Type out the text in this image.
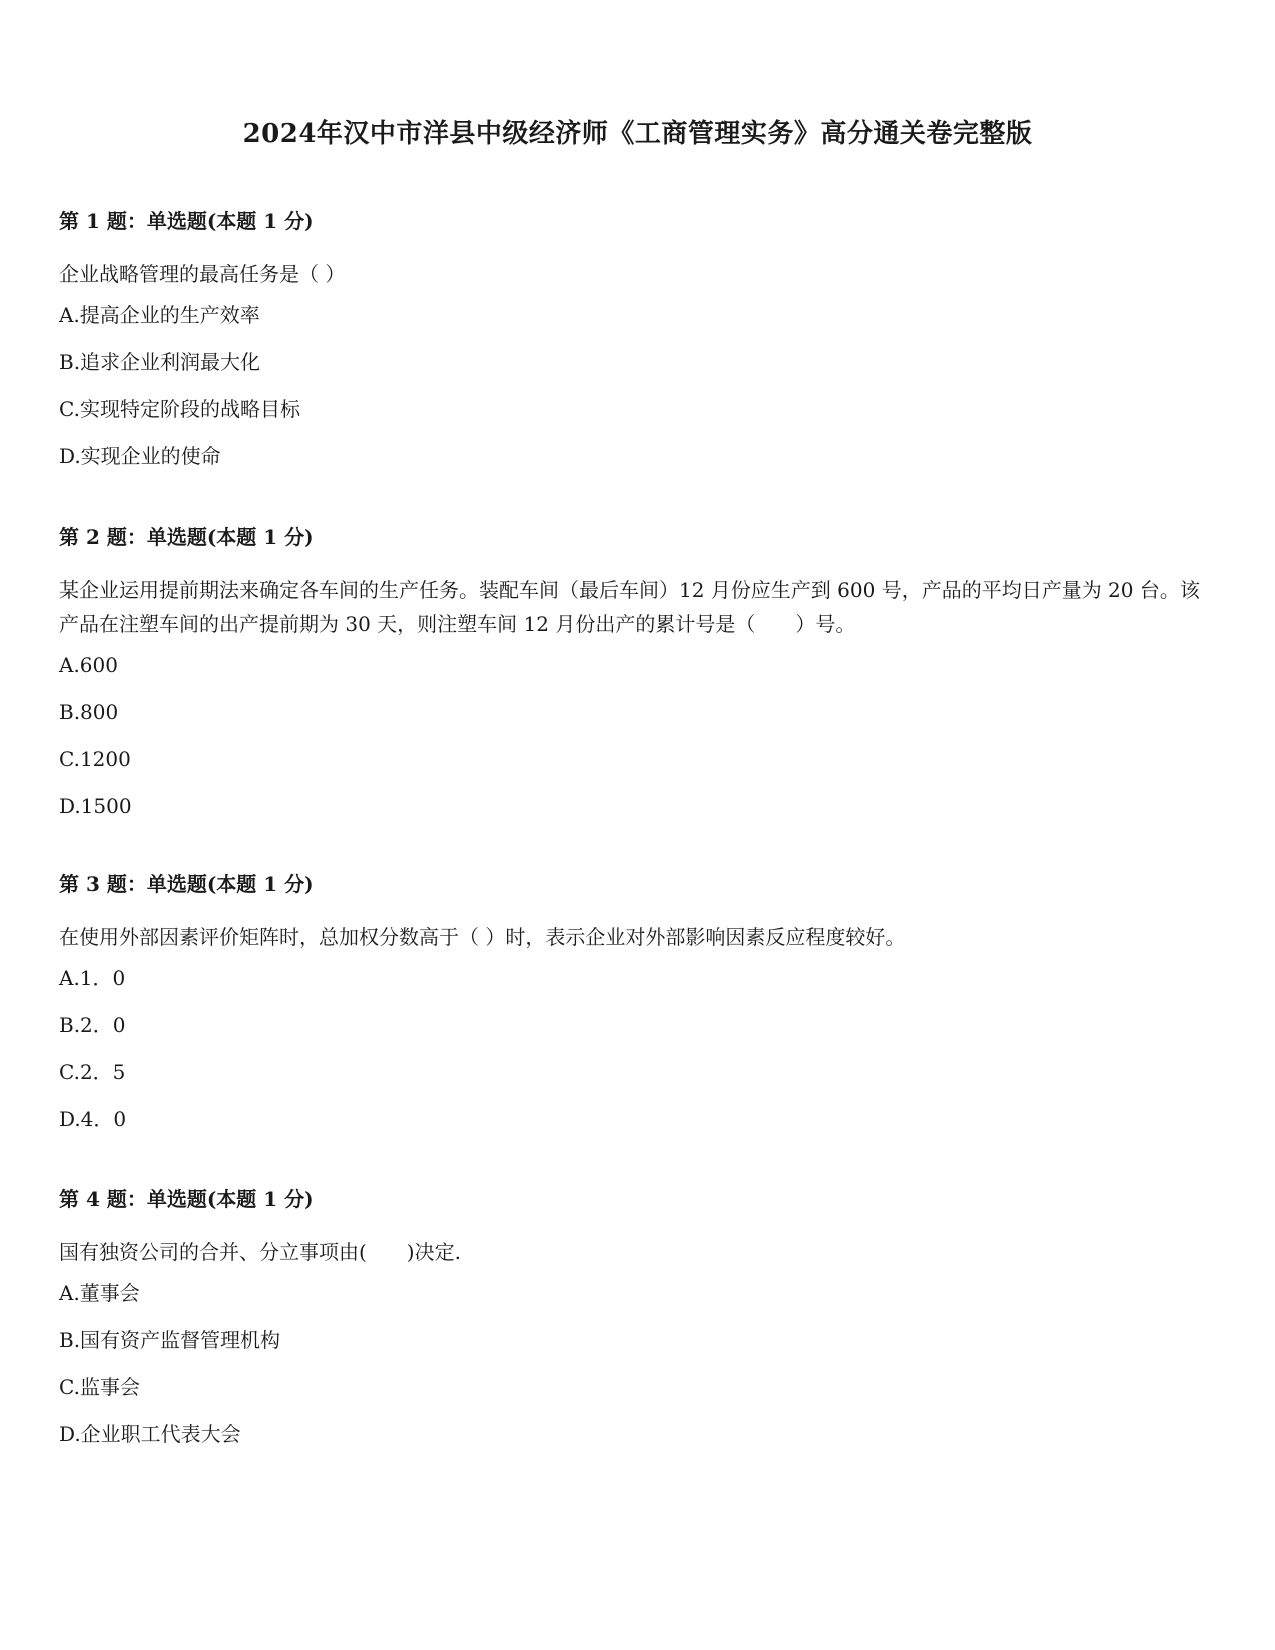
2024年汉中市洋县中级经济师《工商管理实务》高分通关卷完整版
第 1 题：单选题(本题 1 分)
企业战略管理的最高任务是（ ）
A.提高企业的生产效率
B.追求企业利润最大化
C.实现特定阶段的战略目标
D.实现企业的使命
第 2 题：单选题(本题 1 分)
某企业运用提前期法来确定各车间的生产任务。装配车间（最后车间）12 月份应生产到 600 号，产品的平均日产量为 20 台。该产品在注塑车间的出产提前期为 30 天，则注塑车间 12 月份出产的累计号是（　　）号。
A.600
B.800
C.1200
D.1500
第 3 题：单选题(本题 1 分)
在使用外部因素评价矩阵时，总加权分数高于（ ）时，表示企业对外部影响因素反应程度较好。
A.1．0
B.2．0
C.2．5
D.4．0
第 4 题：单选题(本题 1 分)
国有独资公司的合并、分立事项由(　　)决定.
A.董事会
B.国有资产监督管理机构
C.监事会
D.企业职工代表大会
